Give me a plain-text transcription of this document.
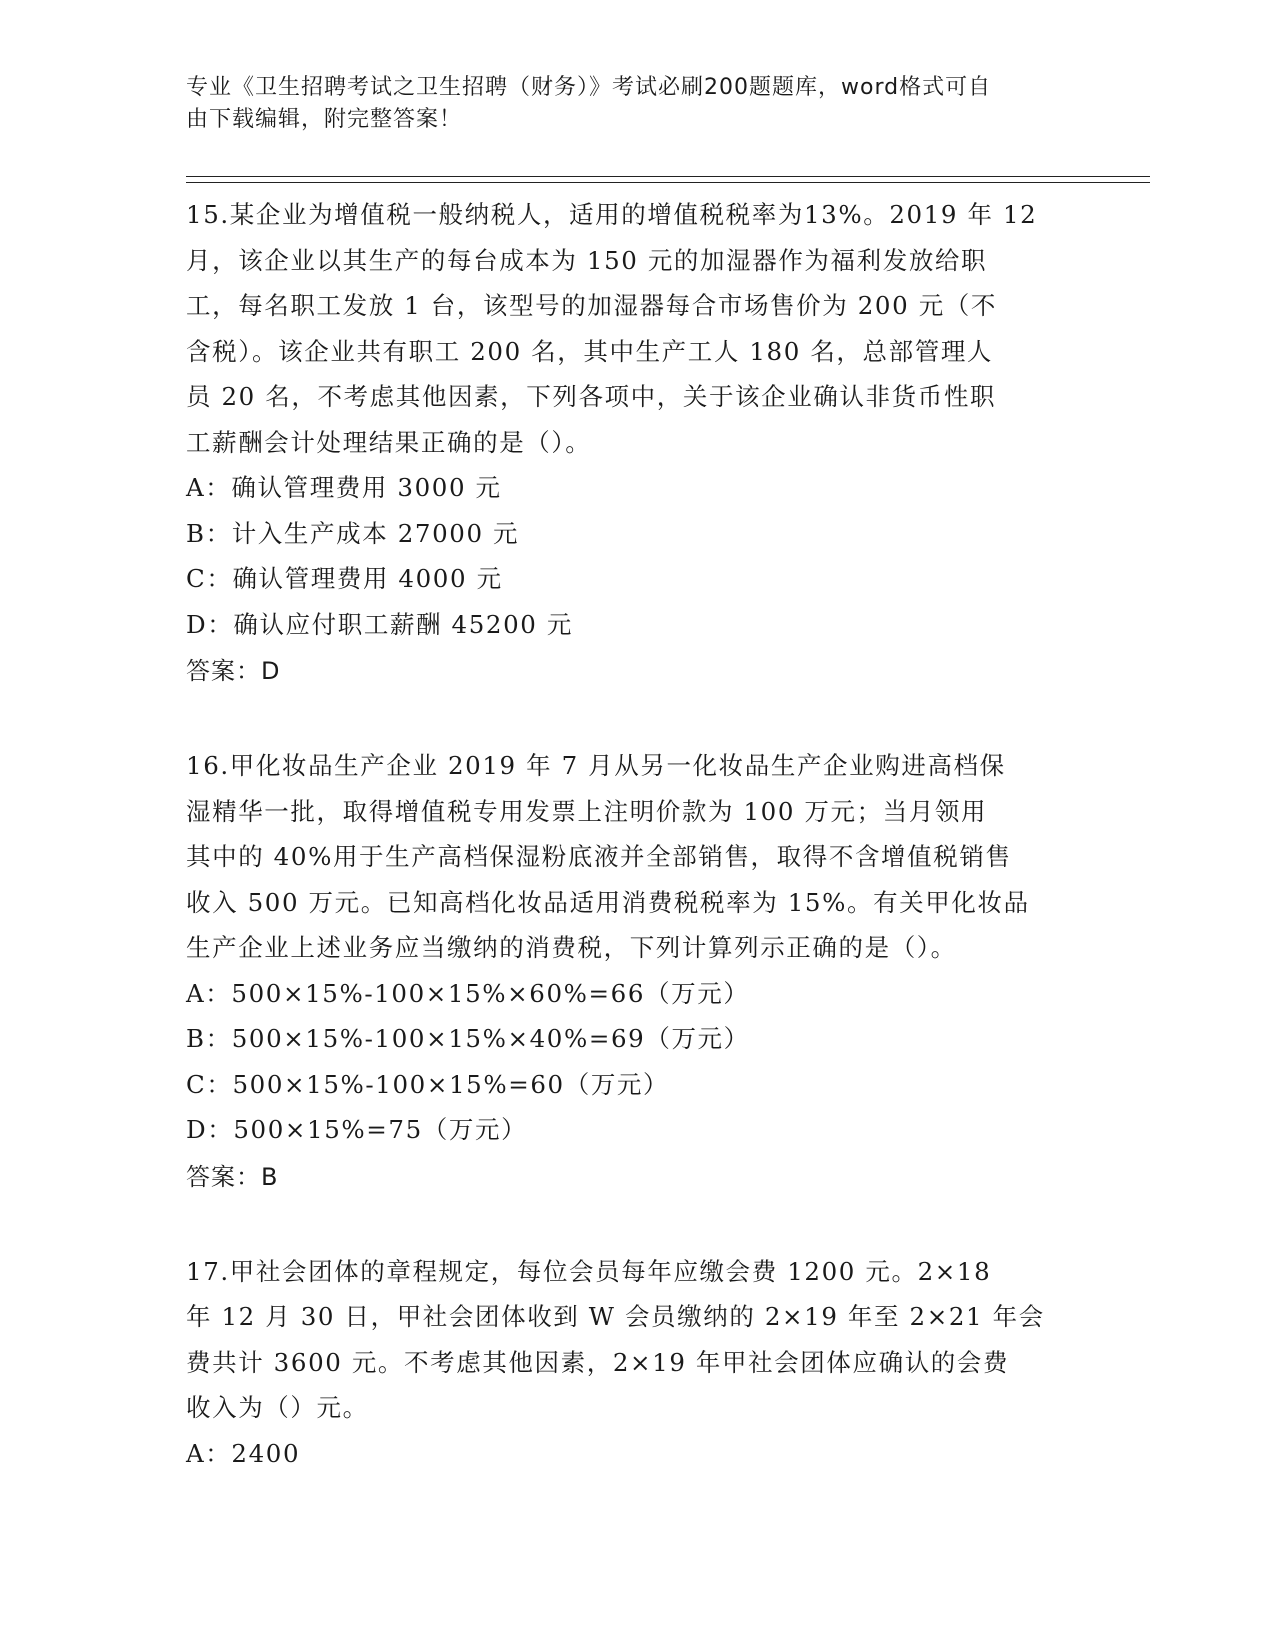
专业《卫生招聘考试之卫生招聘（财务）》考试必刷200题题库，word格式可自
由下载编辑，附完整答案！

15.某企业为增值税一般纳税人，适用的增值税税率为13%。2019 年 12
月，该企业以其生产的每台成本为 150 元的加湿器作为福利发放给职
工，每名职工发放 1 台，该型号的加湿器每合市场售价为 200 元（不
含税）。该企业共有职工 200 名，其中生产工人 180 名，总部管理人
员 20 名，不考虑其他因素，下列各项中，关于该企业确认非货币性职
工薪酬会计处理结果正确的是（）。

A：确认管理费用 3000 元

B：计入生产成本 27000 元

C：确认管理费用 4000 元

D：确认应付职工薪酬 45200 元

答案：D

16.甲化妆品生产企业 2019 年 7 月从另一化妆品生产企业购进高档保
湿精华一批，取得增值税专用发票上注明价款为 100 万元；当月领用
其中的 40%用于生产高档保湿粉底液并全部销售，取得不含增值税销售
收入 500 万元。已知高档化妆品适用消费税税率为 15%。有关甲化妆品
生产企业上述业务应当缴纳的消费税，下列计算列示正确的是（）。

A：500×15%-100×15%×60%=66（万元）

B：500×15%-100×15%×40%=69（万元）

C：500×15%-100×15%=60（万元）

D：500×15%=75（万元）

答案：B

17.甲社会团体的章程规定，每位会员每年应缴会费 1200 元。2×18
年 12 月 30 日，甲社会团体收到 W 会员缴纳的 2×19 年至 2×21 年会
费共计 3600 元。不考虑其他因素，2×19 年甲社会团体应确认的会费
收入为（）元。

A：2400
